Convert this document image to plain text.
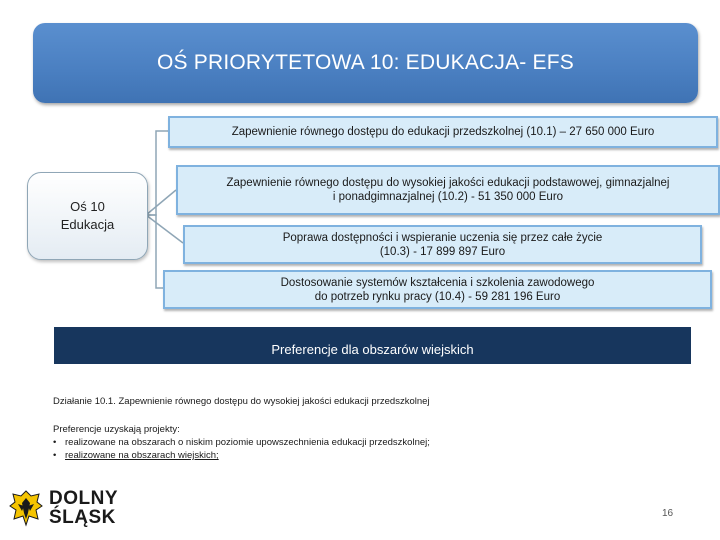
OŚ PRIORYTETOWA 10: EDUKACJA- EFS
Oś 10
Edukacja
Zapewnienie równego dostępu do edukacji przedszkolnej (10.1) – 27 650 000 Euro
Zapewnienie równego dostępu do wysokiej jakości edukacji podstawowej, gimnazjalnej
i ponadgimnazjalnej (10.2) - 51 350 000 Euro
Poprawa dostępności i wspieranie uczenia się przez całe życie
(10.3) - 17 899 897 Euro
Dostosowanie systemów kształcenia i szkolenia zawodowego
do potrzeb rynku pracy (10.4) - 59 281 196 Euro
Preferencje dla obszarów wiejskich
Działanie 10.1. Zapewnienie równego dostępu do wysokiej jakości edukacji przedszkolnej
Preferencje uzyskają projekty:
• realizowane na obszarach o niskim poziomie upowszechnienia edukacji przedszkolnej;
• realizowane na obszarach wiejskich;
DOLNY
ŚLĄSK	16
